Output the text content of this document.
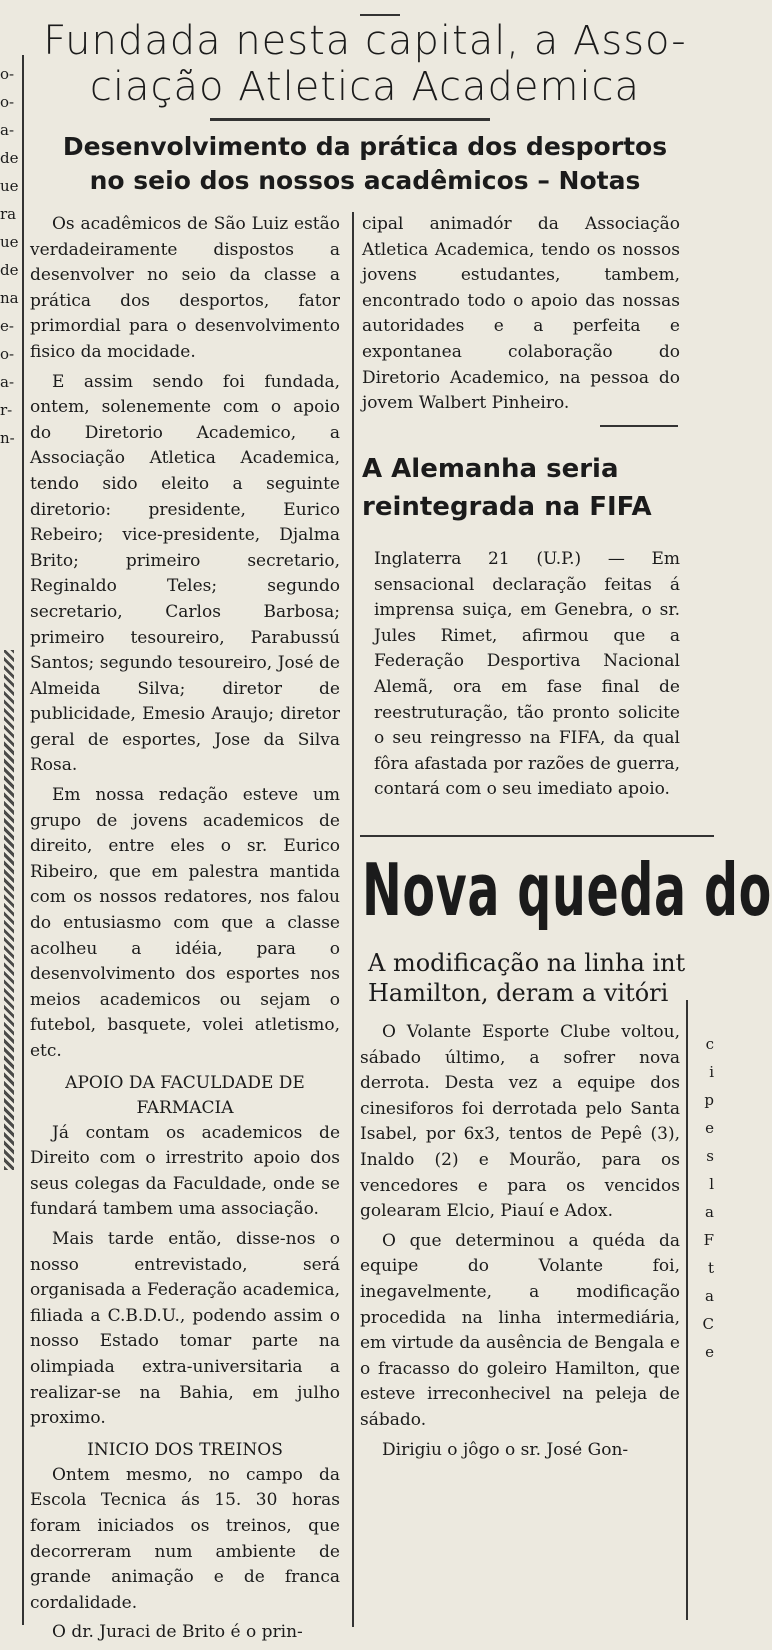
o-
o-
a-
de
ue
ra
ue
de
na
e-
o-
a-
r-
n-
Fundada nesta capital, a Asso-
ciação Atletica Academica
Desenvolvimento da prática dos desportos
no seio dos nossos acadêmicos – Notas

Os acadêmicos de São Luiz estão verdadeiramente dispostos a desenvolver no seio da classe a prática dos desportos, fator primordial para o desenvolvimento fisico da mocidade.

E assim sendo foi fundada, ontem, solenemente com o apoio do Diretorio Academico, a Associação Atletica Academica, tendo sido eleito a seguinte diretorio: presidente, Eurico Rebeiro; vice-presidente, Djalma Brito; primeiro secretario, Reginaldo Teles; segundo secretario, Carlos Barbosa; primeiro tesoureiro, Parabussú Santos; segundo tesoureiro, José de Almeida Silva; diretor de publicidade, Emesio Araujo; diretor geral de esportes, Jose da Silva Rosa.

Em nossa redação esteve um grupo de jovens academicos de direito, entre eles o sr. Eurico Ribeiro, que em palestra mantida com os nossos redatores, nos falou do entusiasmo com que a classe acolheu a idéia, para o desenvolvimento dos esportes nos meios academicos ou sejam o futebol, basquete, volei atletismo, etc.

APOIO DA FACULDADE DE FARMACIA

Já contam os academicos de Direito com o irrestrito apoio dos seus colegas da Faculdade, onde se fundará tambem uma associação.

Mais tarde então, disse-nos o nosso entrevistado, será organisada a Federação academica, filiada a C.B.D.U., podendo assim o nosso Estado tomar parte na olimpiada extra-universitaria a realizar-se na Bahia, em julho proximo.

INICIO DOS TREINOS

Ontem mesmo, no campo da Escola Tecnica ás 15. 30 horas foram iniciados os treinos, que decorreram num ambiente de grande animação e de franca cordalidade.

O dr. Juraci de Brito é o prin-

cipal animadór da Associação Atletica Academica, tendo os nossos jovens estudantes, tambem, encontrado todo o apoio das nossas autoridades e a perfeita e expontanea colaboração do Diretorio Academico, na pessoa do jovem Walbert Pinheiro.

A Alemanha seria
reintegrada na FIFA

Inglaterra 21 (U.P.) — Em sensacional declaração feitas á imprensa suiça, em Genebra, o sr. Jules Rimet, afirmou que a Federação Desportiva Nacional Alemã, ora em fase final de reestruturação, tão pronto solicite o seu reingresso na FIFA, da qual fôra afastada por razões de guerra, contará com o seu imediato apoio.

Nova queda do
A modificação na linha int
Hamilton, deram a vitóri

O Volante Esporte Clube voltou, sábado último, a sofrer nova derrota. Desta vez a equipe dos cinesiforos foi derrotada pelo Santa Isabel, por 6x3, tentos de Pepê (3), Inaldo (2) e Mourão, para os vencedores e para os vencidos golearam Elcio, Piauí e Adox.

O que determinou a quéda da equipe do Volante foi, inegavelmente, a modificação procedida na linha intermediária, em virtude da ausência de Bengala e o fracasso do goleiro Hamilton, que esteve irreconhecivel na peleja de sábado.

Dirigiu o jôgo o sr. José Gon-

c
i
p
e
s
l
a
F
t
a
C
e
